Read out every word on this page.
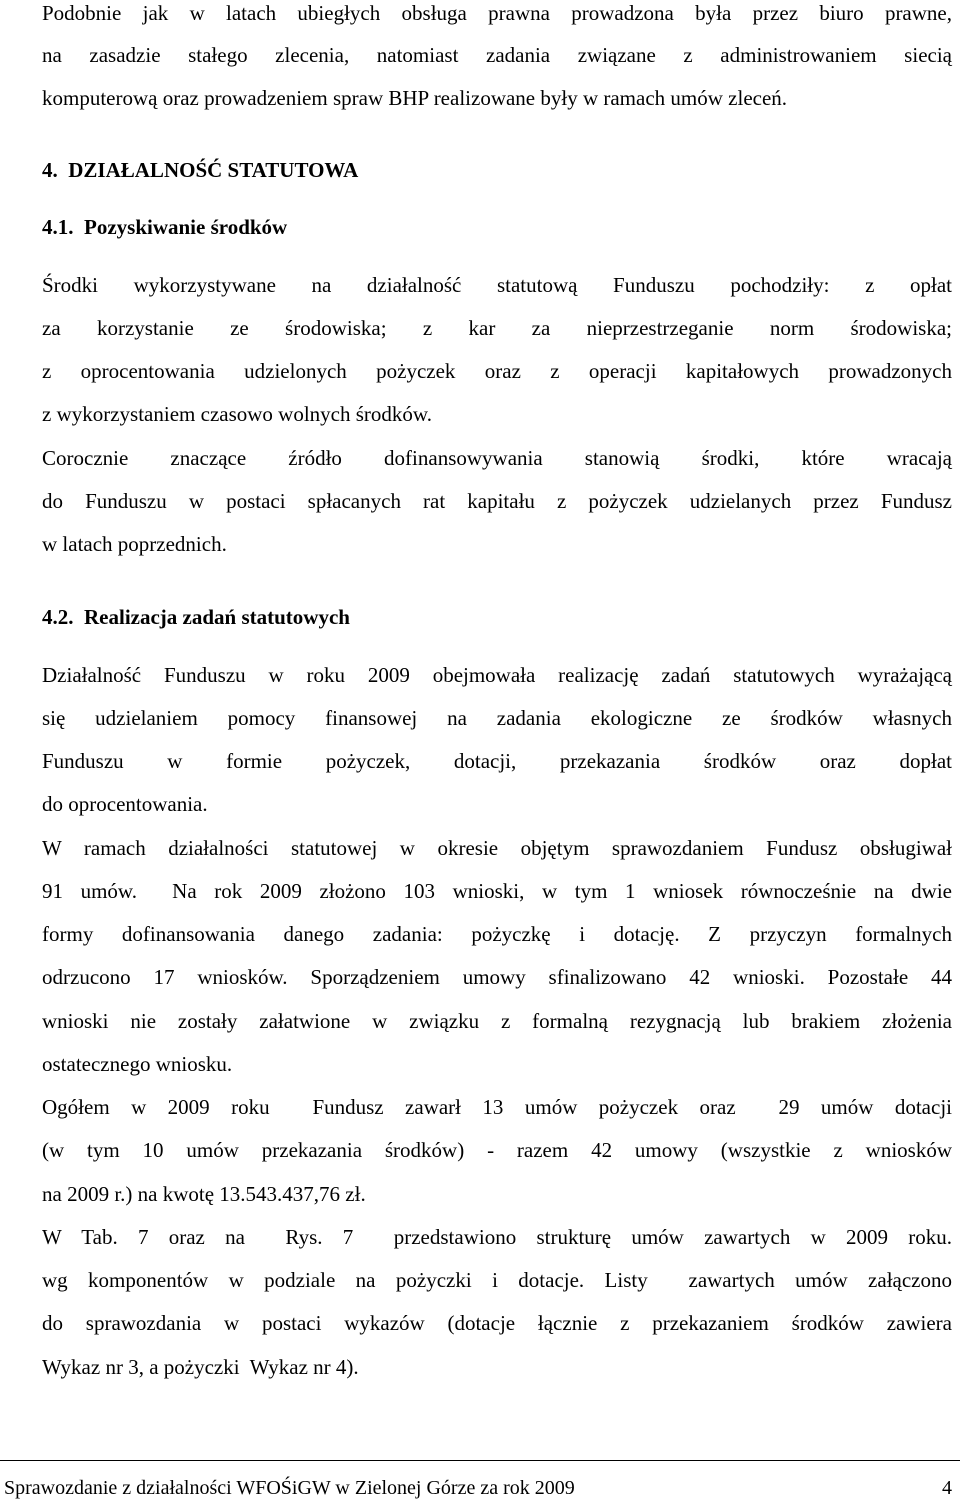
Podobnie jak w latach ubiegłych obsługa prawna prowadzona była przez biuro prawne,
na zasadzie stałego zlecenia, natomiast zadania związane z administrowaniem siecią
komputerową oraz prowadzeniem spraw BHP realizowane były w ramach umów zleceń.
4.  DZIAŁALNOŚĆ STATUTOWA
4.1.  Pozyskiwanie środków
Środki wykorzystywane na działalność statutową Funduszu pochodziły: z opłat
za korzystanie ze środowiska; z kar za nieprzestrzeganie norm środowiska;
z oprocentowania udzielonych pożyczek oraz z operacji kapitałowych prowadzonych
z wykorzystaniem czasowo wolnych środków.
Corocznie znaczące źródło dofinansowywania stanowią środki, które wracają
do Funduszu w postaci spłacanych rat kapitału z pożyczek udzielanych przez Fundusz
w latach poprzednich.
4.2.  Realizacja zadań statutowych
Działalność Funduszu w roku 2009 obejmowała realizację zadań statutowych wyrażającą
się udzielaniem pomocy finansowej na zadania ekologiczne ze środków własnych
Funduszu w formie pożyczek, dotacji, przekazania środków oraz dopłat
do oprocentowania.
W ramach działalności statutowej w okresie objętym sprawozdaniem Fundusz obsługiwał
91 umów.  Na rok 2009 złożono 103 wnioski, w tym 1 wniosek równocześnie na dwie
formy dofinansowania danego zadania: pożyczkę i dotację. Z przyczyn formalnych
odrzucono 17 wniosków. Sporządzeniem umowy sfinalizowano 42 wnioski. Pozostałe 44
wnioski nie zostały załatwione w związku z formalną rezygnacją lub brakiem złożenia
ostatecznego wniosku.
Ogółem w 2009 roku  Fundusz zawarł 13 umów pożyczek oraz  29 umów dotacji
(w tym 10 umów przekazania środków) - razem 42 umowy (wszystkie z wniosków
na 2009 r.) na kwotę 13.543.437,76 zł.
W Tab. 7 oraz na  Rys. 7  przedstawiono strukturę umów zawartych w 2009 roku.
wg komponentów w podziale na pożyczki i dotacje. Listy  zawartych umów załączono
do sprawozdania w postaci wykazów (dotacje łącznie z przekazaniem środków zawiera
Wykaz nr 3, a pożyczki  Wykaz nr 4).
Sprawozdanie z działalności WFOŚiGW w Zielonej Górze za rok 2009	4
